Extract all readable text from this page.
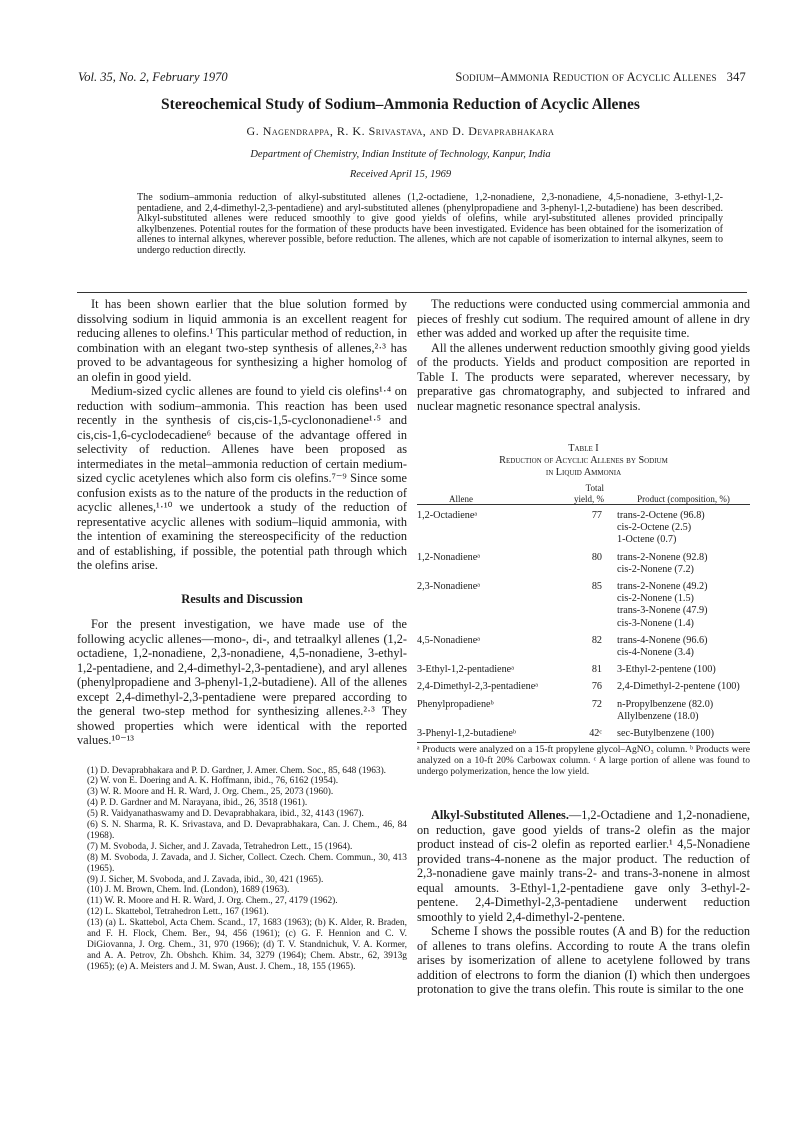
Vol. 35, No. 2, February 1970	Sodium–Ammonia Reduction of Acyclic Allenes 347
Stereochemical Study of Sodium–Ammonia Reduction of Acyclic Allenes
G. Nagendrappa, R. K. Srivastava, and D. Devaprabhakara
Department of Chemistry, Indian Institute of Technology, Kanpur, India
Received April 15, 1969
The sodium–ammonia reduction of alkyl-substituted allenes (1,2-octadiene, 1,2-nonadiene, 2,3-nonadiene, 4,5-nonadiene, 3-ethyl-1,2-pentadiene, and 2,4-dimethyl-2,3-pentadiene) and aryl-substituted allenes (phenylpropadiene and 3-phenyl-1,2-butadiene) has been described. Alkyl-substituted allenes were reduced smoothly to give good yields of olefins, while aryl-substituted allenes provided principally alkylbenzenes. Potential routes for the formation of these products have been investigated. Evidence has been obtained for the isomerization of allenes to internal alkynes, wherever possible, before reduction. The allenes, which are not capable of isomerization to internal alkynes, seem to undergo reduction directly.

It has been shown earlier that the blue solution formed by dissolving sodium in liquid ammonia is an excellent reagent for reducing allenes to olefins.¹ This particular method of reduction, in combination with an elegant two-step synthesis of allenes,²·³ has proved to be advantageous for synthesizing a higher homolog of an olefin in good yield.

Medium-sized cyclic allenes are found to yield cis olefins¹·⁴ on reduction with sodium–ammonia. This reaction has been used recently in the synthesis of cis,cis-1,5-cyclononadiene¹·⁵ and cis,cis-1,6-cyclodecadiene⁶ because of the advantage offered in selectivity of reduction. Allenes have been proposed as intermediates in the metal–ammonia reduction of certain medium-sized cyclic acetylenes which also form cis olefins.⁷⁻⁹ Since some confusion exists as to the nature of the products in the reduction of acyclic allenes,¹·¹⁰ we undertook a study of the reduction of representative acyclic allenes with sodium–liquid ammonia, with the intention of examining the stereospecificity of the reduction and of establishing, if possible, the potential path through which the olefins arise.

Results and Discussion

For the present investigation, we have made use of the following acyclic allenes—mono-, di-, and tetraalkyl allenes (1,2-octadiene, 1,2-nonadiene, 2,3-nonadiene, 4,5-nonadiene, 3-ethyl-1,2-pentadiene, and 2,4-dimethyl-2,3-pentadiene), and aryl allenes (phenylpropadiene and 3-phenyl-1,2-butadiene). All of the allenes except 2,4-dimethyl-2,3-pentadiene were prepared according to the general two-step method for synthesizing allenes.²·³ They showed properties which were identical with the reported values.¹⁰⁻¹³

(1) D. Devaprabhakara and P. D. Gardner, J. Amer. Chem. Soc., 85, 648 (1963).
(2) W. von E. Doering and A. K. Hoffmann, ibid., 76, 6162 (1954).
(3) W. R. Moore and H. R. Ward, J. Org. Chem., 25, 2073 (1960).
(4) P. D. Gardner and M. Narayana, ibid., 26, 3518 (1961).
(5) R. Vaidyanathaswamy and D. Devaprabhakara, ibid., 32, 4143 (1967).
(6) S. N. Sharma, R. K. Srivastava, and D. Devaprabhakara, Can. J. Chem., 46, 84 (1968).
(7) M. Svoboda, J. Sicher, and J. Zavada, Tetrahedron Lett., 15 (1964).
(8) M. Svoboda, J. Zavada, and J. Sicher, Collect. Czech. Chem. Commun., 30, 413 (1965).
(9) J. Sicher, M. Svoboda, and J. Zavada, ibid., 30, 421 (1965).
(10) J. M. Brown, Chem. Ind. (London), 1689 (1963).
(11) W. R. Moore and H. R. Ward, J. Org. Chem., 27, 4179 (1962).
(12) L. Skattebol, Tetrahedron Lett., 167 (1961).
(13) (a) L. Skattebol, Acta Chem. Scand., 17, 1683 (1963); (b) K. Alder, R. Braden, and F. H. Flock, Chem. Ber., 94, 456 (1961); (c) G. F. Hennion and C. V. DiGiovanna, J. Org. Chem., 31, 970 (1966); (d) T. V. Standnichuk, V. A. Kormer, and A. A. Petrov, Zh. Obshch. Khim. 34, 3279 (1964); Chem. Abstr., 62, 3913g (1965); (e) A. Meisters and J. M. Swan, Aust. J. Chem., 18, 155 (1965).

The reductions were conducted using commercial ammonia and pieces of freshly cut sodium. The required amount of allene in dry ether was added and worked up after the requisite time.

All the allenes underwent reduction smoothly giving good yields of the products. Yields and product composition are reported in Table I. The products were separated, wherever necessary, by preparative gas chromatography, and subjected to infrared and nuclear magnetic resonance spectral analysis.

Table I
Reduction of Acyclic Allenes by Sodium
in Liquid Ammonia
Allene	Total yield, %	Product (composition, %)
1,2-Octadieneᵃ	77	trans-2-Octene (96.8)
cis-2-Octene (2.5)
1-Octene (0.7)

1,2-Nonadieneᵃ	80	trans-2-Nonene (92.8)
cis-2-Nonene (7.2)

2,3-Nonadieneᵃ	85	trans-2-Nonene (49.2)
cis-2-Nonene (1.5)
trans-3-Nonene (47.9)
cis-3-Nonene (1.4)

4,5-Nonadieneᵃ	82	trans-4-Nonene (96.6)
cis-4-Nonene (3.4)

3-Ethyl-1,2-pentadieneᵃ	81	3-Ethyl-2-pentene (100)

2,4-Dimethyl-2,3-pentadieneᵃ	76	2,4-Dimethyl-2-pentene (100)

Phenylpropadieneᵇ	72	n-Propylbenzene (82.0)
Allylbenzene (18.0)

3-Phenyl-1,2-butadieneᵇ	42ᶜ	sec-Butylbenzene (100)
ᵃ Products were analyzed on a 15-ft propylene glycol–AgNO₃ column. ᵇ Products were analyzed on a 10-ft 20% Carbowax column. ᶜ A large portion of allene was found to undergo polymerization, hence the low yield.

Alkyl-Substituted Allenes.—1,2-Octadiene and 1,2-nonadiene, on reduction, gave good yields of trans-2 olefin as the major product instead of cis-2 olefin as reported earlier.¹ 4,5-Nonadiene provided trans-4-nonene as the major product. The reduction of 2,3-nonadiene gave mainly trans-2- and trans-3-nonene in almost equal amounts. 3-Ethyl-1,2-pentadiene gave only 3-ethyl-2-pentene. 2,4-Dimethyl-2,3-pentadiene underwent reduction smoothly to yield 2,4-dimethyl-2-pentene.

Scheme I shows the possible routes (A and B) for the reduction of allenes to trans olefins. According to route A the trans olefin arises by isomerization of allene to acetylene followed by trans addition of electrons to form the dianion (I) which then undergoes protonation to give the trans olefin. This route is similar to the one
